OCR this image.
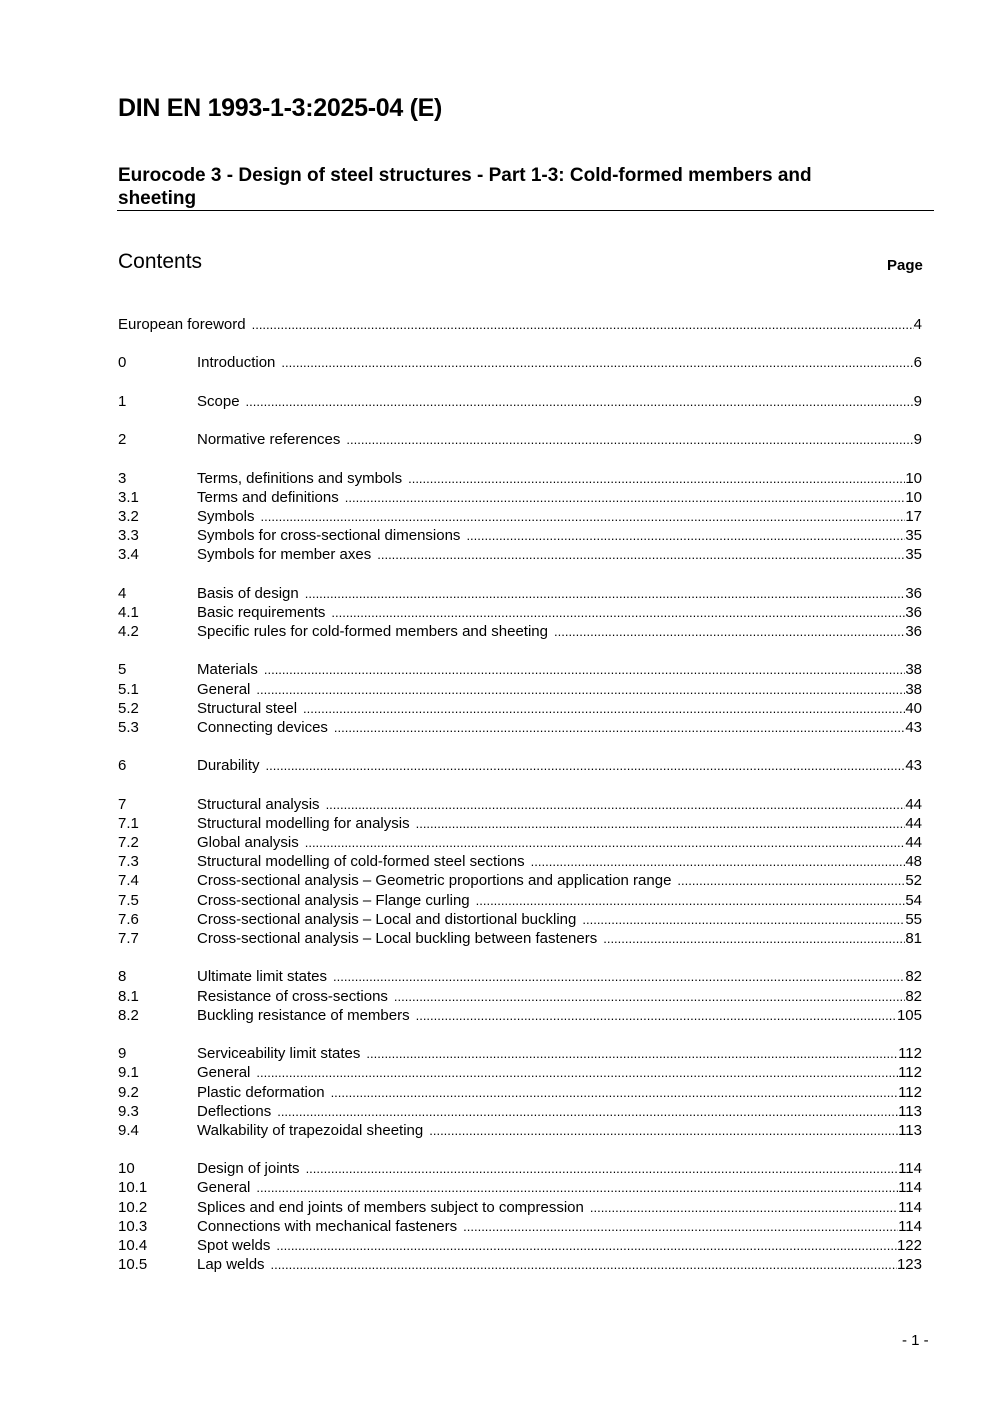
DIN EN 1993-1-3:2025-04 (E)
Eurocode 3 - Design of steel structures - Part 1-3: Cold-formed members and sheeting
Contents	Page
European foreword .....	4
0	Introduction .....	6
1	Scope .....	9
2	Normative references .....	9
3	Terms, definitions and symbols .....	10
3.1	Terms and definitions .....	10
3.2	Symbols .....	17
3.3	Symbols for cross-sectional dimensions .....	35
3.4	Symbols for member axes .....	35
4	Basis of design .....	36
4.1	Basic requirements .....	36
4.2	Specific rules for cold-formed members and sheeting .....	36
5	Materials .....	38
5.1	General .....	38
5.2	Structural steel .....	40
5.3	Connecting devices .....	43
6	Durability .....	43
7	Structural analysis .....	44
7.1	Structural modelling for analysis .....	44
7.2	Global analysis .....	44
7.3	Structural modelling of cold-formed steel sections .....	48
7.4	Cross-sectional analysis – Geometric proportions and application range .....	52
7.5	Cross-sectional analysis – Flange curling .....	54
7.6	Cross-sectional analysis – Local and distortional buckling .....	55
7.7	Cross-sectional analysis – Local buckling between fasteners .....	81
8	Ultimate limit states .....	82
8.1	Resistance of cross-sections .....	82
8.2	Buckling resistance of members .....	105
9	Serviceability limit states .....	112
9.1	General .....	112
9.2	Plastic deformation .....	112
9.3	Deflections .....	113
9.4	Walkability of trapezoidal sheeting .....	113
10	Design of joints .....	114
10.1	General .....	114
10.2	Splices and end joints of members subject to compression .....	114
10.3	Connections with mechanical fasteners .....	114
10.4	Spot welds .....	122
10.5	Lap welds .....	123
- 1 -
